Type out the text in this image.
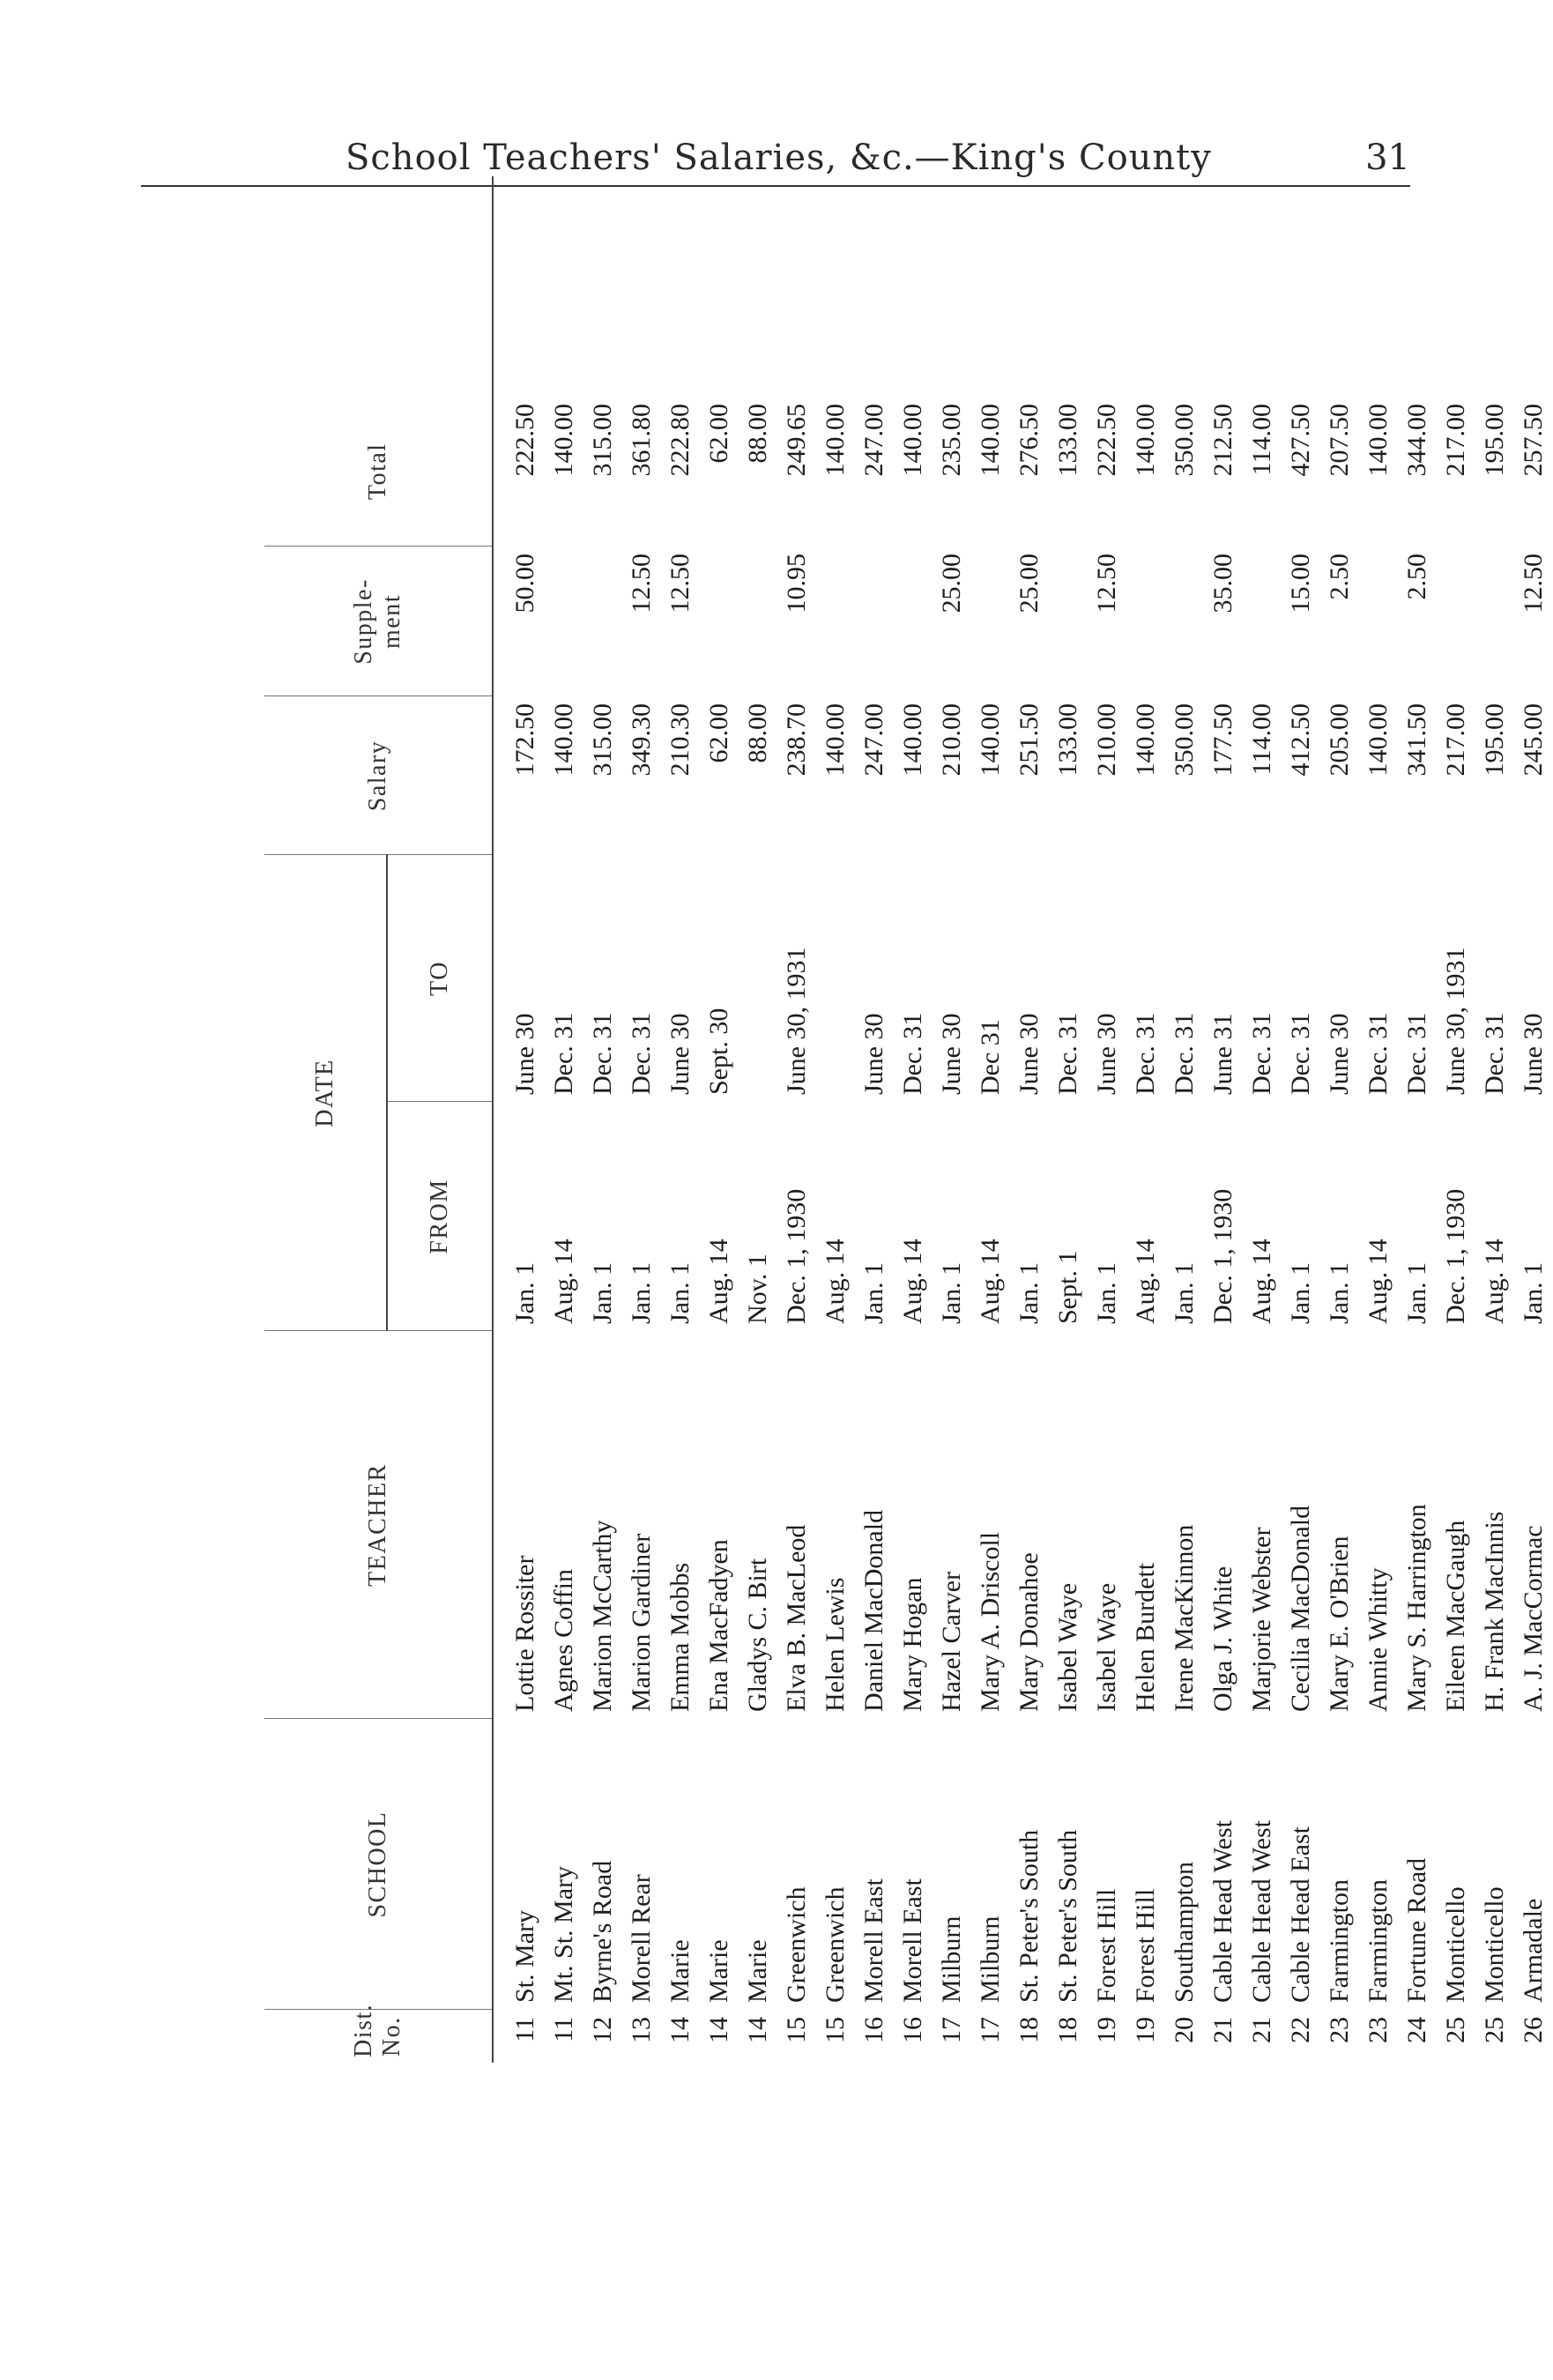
School Teachers' Salaries, &c.—King's County	31
Dist. No.	SCHOOL	TEACHER	DATE		Salary	Supple- ment	Total	
			FROM	TO				
11	St. Mary	Lottie Rossiter	Jan. 1	June 30	172.50	50.00	222.50	
11	Mt. St. Mary	Agnes Coffin	Aug. 14	Dec. 31	140.00		140.00	
12	Byrne's Road	Marion McCarthy	Jan. 1	Dec. 31	315.00		315.00	
13	Morell Rear	Marion Gardiner	Jan. 1	Dec. 31	349.30	12.50	361.80	
14	Marie	Emma Mobbs	Jan. 1	June 30	210.30	12.50	222.80	
14	Marie	Ena MacFadyen	Aug. 14	Sept. 30	62.00		62.00	
14	Marie	Gladys C. Birt	Nov. 1		88.00		88.00	
15	Greenwich	Elva B. MacLeod	Dec. 1, 1930	June 30, 1931	238.70	10.95	249.65	
15	Greenwich	Helen Lewis	Aug. 14		140.00		140.00	
16	Morell East	Daniel MacDonald	Jan. 1	June 30	247.00		247.00	
16	Morell East	Mary Hogan	Aug. 14	Dec. 31	140.00		140.00	
17	Milburn	Hazel Carver	Jan. 1	June 30	210.00	25.00	235.00	
17	Milburn	Mary A. Driscoll	Aug. 14	Dec 31	140.00		140.00	
18	St. Peter's South	Mary Donahoe	Jan. 1	June 30	251.50	25.00	276.50	
18	St. Peter's South	Isabel Waye	Sept. 1	Dec. 31	133.00		133.00	
19	Forest Hill	Isabel Waye	Jan. 1	June 30	210.00	12.50	222.50	
19	Forest Hill	Helen Burdett	Aug. 14	Dec. 31	140.00		140.00	
20	Southampton	Irene MacKinnon	Jan. 1	Dec. 31	350.00		350.00	
21	Cable Head West	Olga J. White	Dec. 1, 1930	June 31	177.50	35.00	212.50	
21	Cable Head West	Marjorie Webster	Aug. 14	Dec. 31	114.00		114.00	
22	Cable Head East	Cecilia MacDonald	Jan. 1	Dec. 31	412.50	15.00	427.50	
23	Farmington	Mary E. O'Brien	Jan. 1	June 30	205.00	2.50	207.50	
23	Farmington	Annie Whitty	Aug. 14	Dec. 31	140.00		140.00	
24	Fortune Road	Mary S. Harrington	Jan. 1	Dec. 31	341.50	2.50	344.00	
25	Monticello	Eileen MacGaugh	Dec. 1, 1930	June 30, 1931	217.00		217.00	
25	Monticello	H. Frank MacInnis	Aug. 14	Dec. 31	195.00		195.00	
26	Armadale	A. J. MacCormac	Jan. 1	June 30	245.00	12.50	257.50	
